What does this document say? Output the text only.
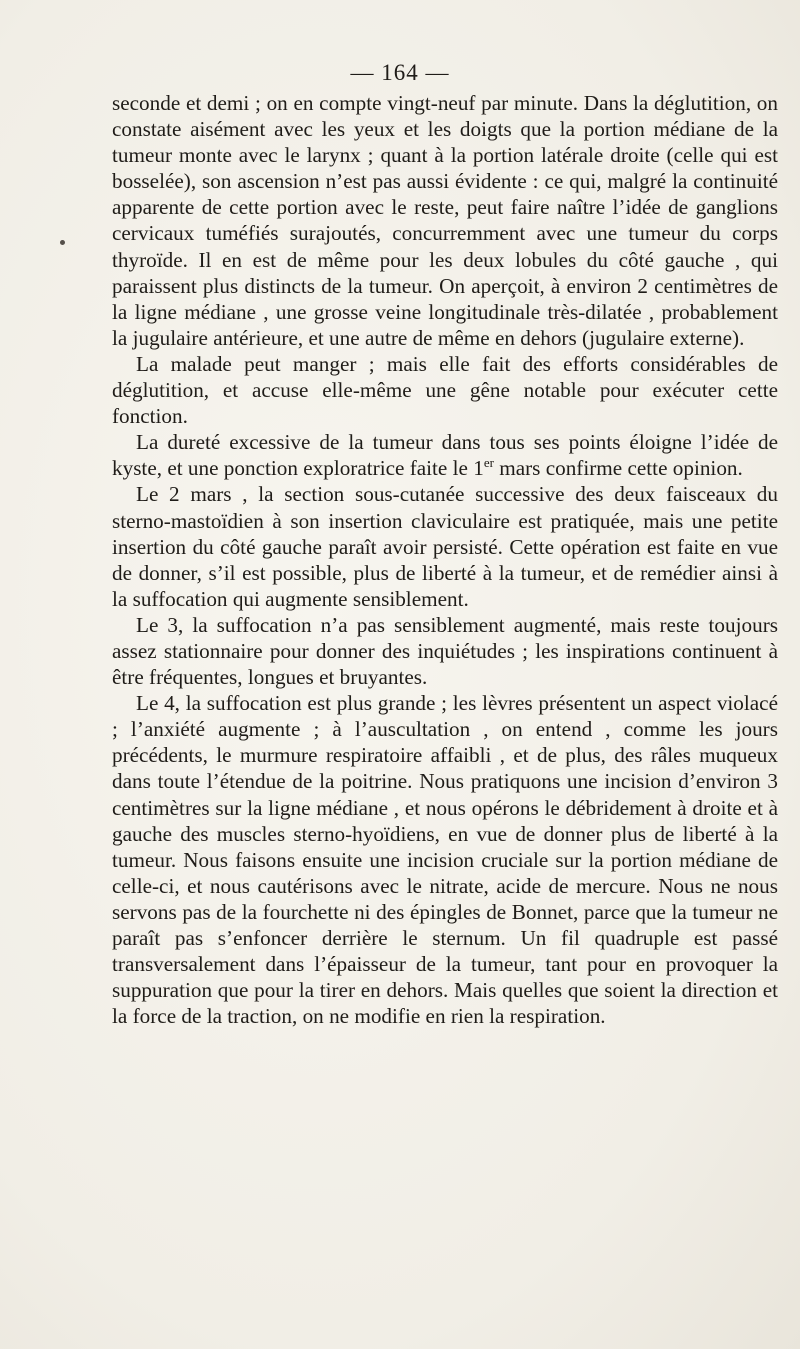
— 164 —

seconde et demi ; on en compte vingt-neuf par minute. Dans la déglutition, on constate aisément avec les yeux et les doigts que la portion médiane de la tumeur monte avec le larynx ; quant à la portion latérale droite (celle qui est bosselée), son ascension n’est pas aussi évidente : ce qui, malgré la continuité apparente de cette portion avec le reste, peut faire naître l’idée de ganglions cervicaux tuméfiés surajoutés, concurremment avec une tumeur du corps thyroïde. Il en est de même pour les deux lobules du côté gauche , qui paraissent plus distincts de la tumeur. On aperçoit, à environ 2 centimètres de la ligne médiane , une grosse veine longitudinale très-dilatée , probablement la jugulaire antérieure, et une autre de même en dehors (jugulaire externe).

La malade peut manger ; mais elle fait des efforts considérables de déglutition, et accuse elle-même une gêne notable pour exécuter cette fonction.

La dureté excessive de la tumeur dans tous ses points éloigne l’idée de kyste, et une ponction exploratrice faite le 1er mars confirme cette opinion.

Le 2 mars , la section sous-cutanée successive des deux faisceaux du sterno-mastoïdien à son insertion claviculaire est pratiquée, mais une petite insertion du côté gauche paraît avoir persisté. Cette opération est faite en vue de donner, s’il est possible, plus de liberté à la tumeur, et de remédier ainsi à la suffocation qui augmente sensiblement.

Le 3, la suffocation n’a pas sensiblement augmenté, mais reste toujours assez stationnaire pour donner des inquiétudes ; les inspirations continuent à être fréquentes, longues et bruyantes.

Le 4, la suffocation est plus grande ; les lèvres présentent un aspect violacé ; l’anxiété augmente ; à l’auscultation , on entend , comme les jours précédents, le murmure respiratoire affaibli , et de plus, des râles muqueux dans toute l’étendue de la poitrine. Nous pratiquons une incision d’environ 3 centimètres sur la ligne médiane , et nous opérons le débridement à droite et à gauche des muscles sterno-hyoïdiens, en vue de donner plus de liberté à la tumeur. Nous faisons ensuite une incision cruciale sur la portion médiane de celle-ci, et nous cautérisons avec le nitrate, acide de mercure. Nous ne nous servons pas de la fourchette ni des épingles de Bonnet, parce que la tumeur ne paraît pas s’enfoncer derrière le sternum. Un fil quadruple est passé transversalement dans l’épaisseur de la tumeur, tant pour en provoquer la suppuration que pour la tirer en dehors. Mais quelles que soient la direction et la force de la traction, on ne modifie en rien la respiration.
